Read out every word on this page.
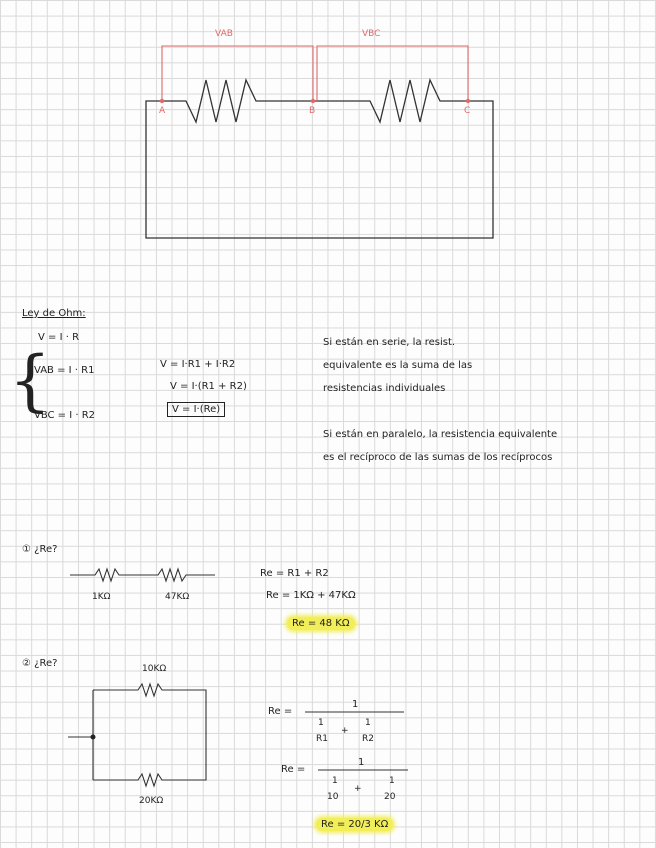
VAB	VBC
A	B	C
Ley de Ohm:
V = I · R
{
VAB = I · R1
VBC = I · R2
V = I·R1 + I·R2
V = I·(R1 + R2)
V = I·(Re)
Si están en serie, la resist.
equivalente es la suma de las
resistencias individuales
Si están en paralelo, la resistencia equivalente
es el recíproco de las sumas de los recíprocos
① ¿Re?
1KΩ	47KΩ
Re = R1 + R2
Re = 1KΩ + 47KΩ
Re = 48 KΩ
② ¿Re?	10KΩ
20KΩ
Re =
1
1
R1
+
1
R2
Re =
1
1
10
+
1
20
Re = 20/3 KΩ
